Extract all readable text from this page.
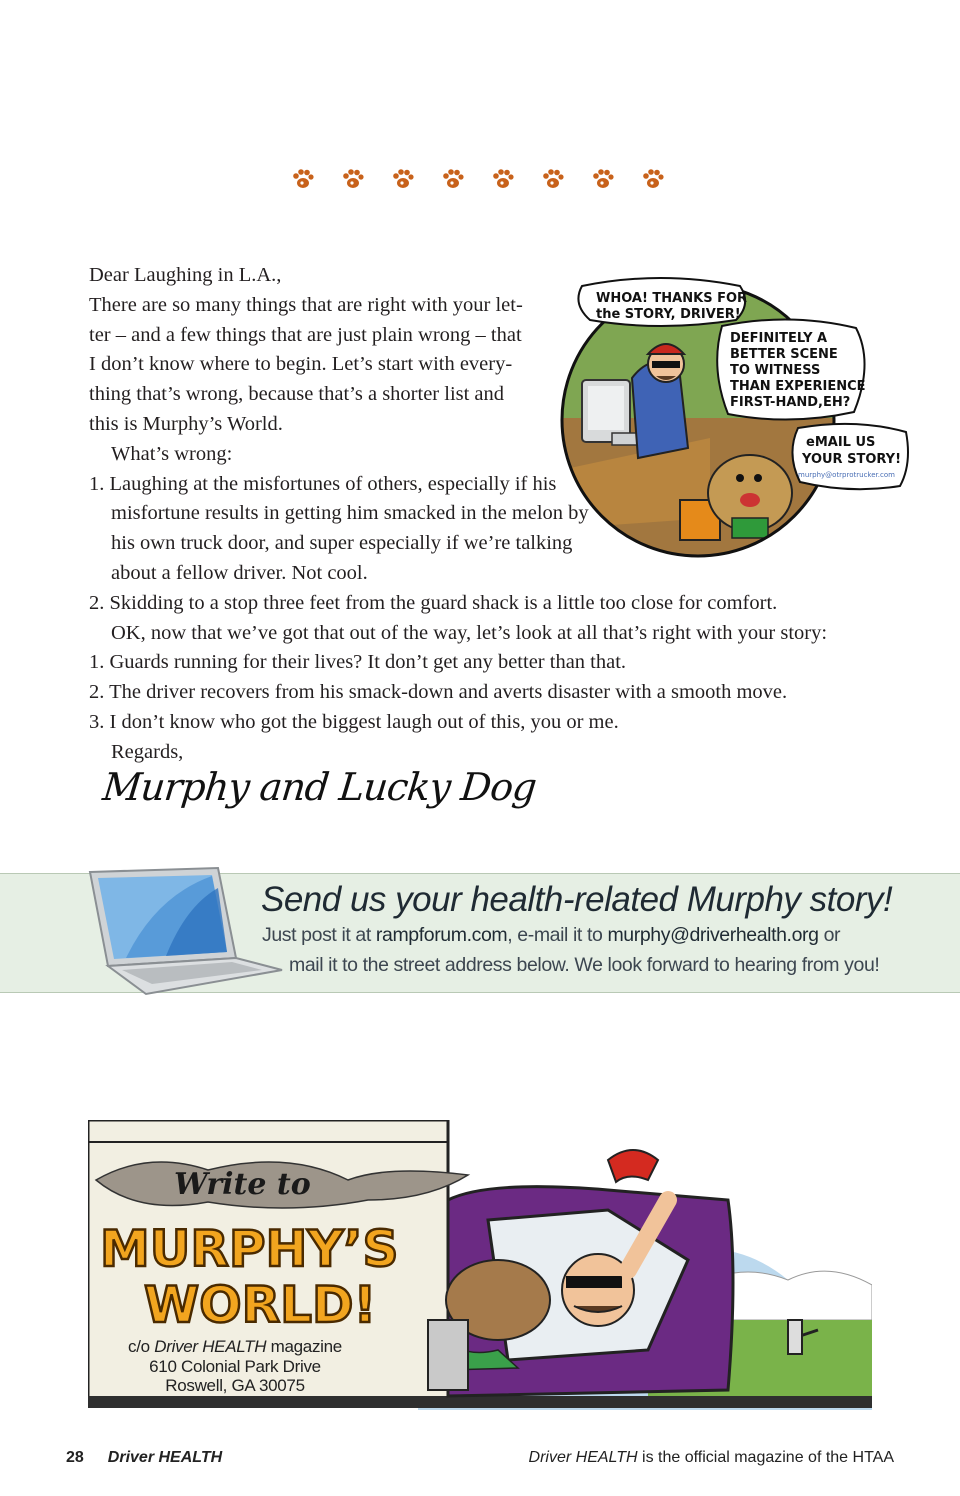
Dear Laughing in L.A.,

There are so many things that are right with your let-

ter – and a few things that are just plain wrong – that

I don’t know where to begin. Let’s start with every-

thing that’s wrong, because that’s a shorter list and

this is Murphy’s World.

What’s wrong:

1. Laughing at the misfortunes of others, especially if his misfortune results in getting him smacked in the melon by his own truck door, and super especially if we’re talking about a fellow driver. Not cool.

2. Skidding to a stop three feet from the guard shack is a little too close for comfort.

OK, now that we’ve got that out of the way, let’s look at all that’s right with your story:

1. Guards running for their lives? It don’t get any better than that.

2. The driver recovers from his smack-down and averts disaster with a smooth move.

3. I don’t know who got the biggest laugh out of this, you or me.

Regards,

Murphy and Lucky Dog
WHOA! THANKS FOR
the STORY, DRIVER!
DEFINITELY A
BETTER SCENE
TO WITNESS
THAN EXPERIENCE
FIRST-HAND,EH?
eMAIL US
YOUR STORY!
murphy@otrprotrucker.com
Send us your health-related Murphy story!
Just post it at rampforum.com, e-mail it to murphy@driverhealth.org or
mail it to the street address below. We look forward to hearing from you!
Write to
MURPHY’S
WORLD!
c/o Driver HEALTH magazine
610 Colonial Park Drive
Roswell, GA 30075
28 Driver HEALTH	Driver HEALTH is the official magazine of the HTAA
